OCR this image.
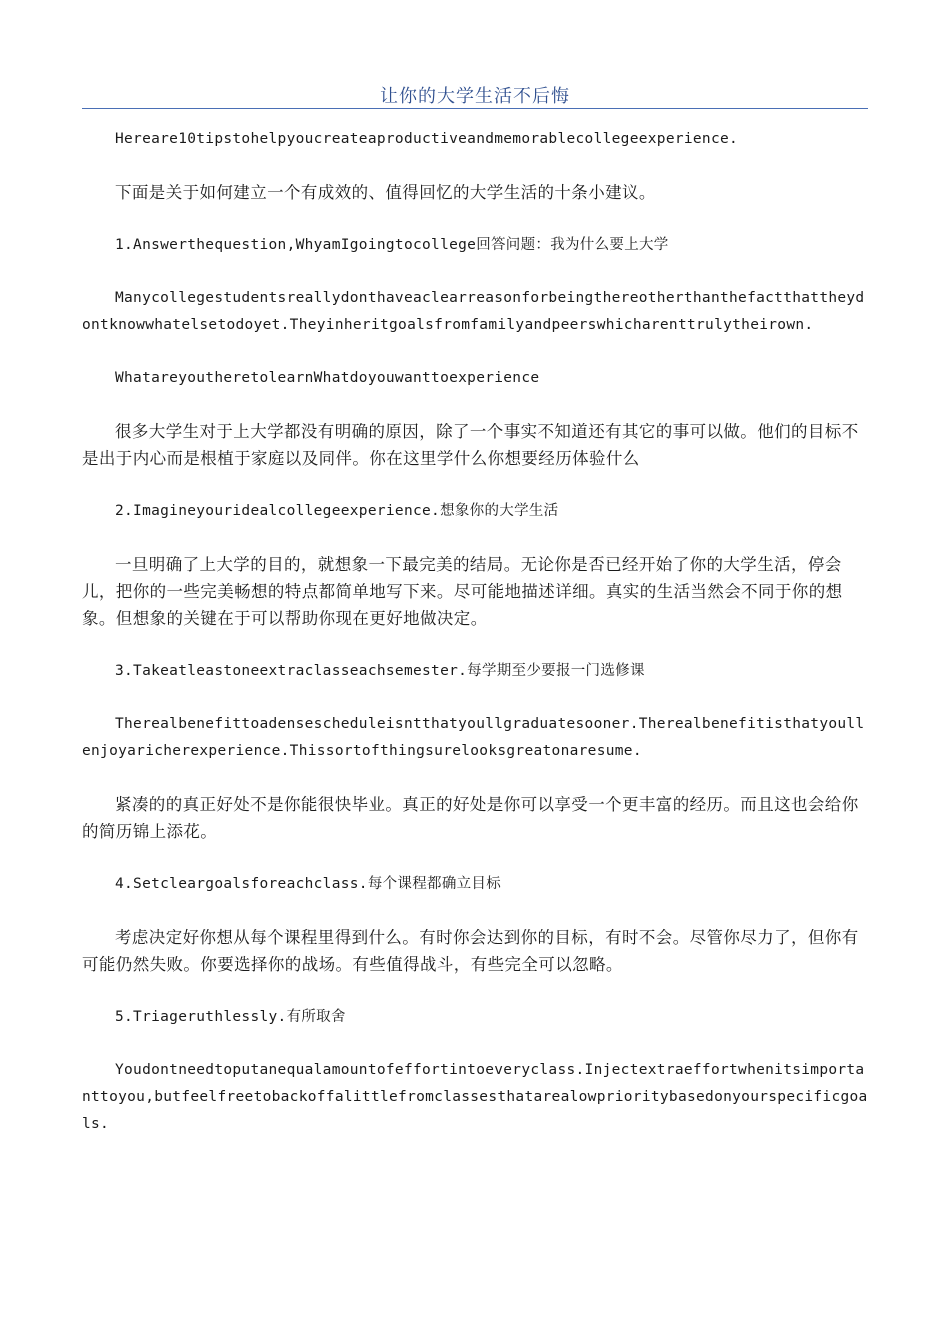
让你的大学生活不后悔

Hereare10tipstohelpyoucreateaproductiveandmemorablecollegeexperience.

下面是关于如何建立一个有成效的、值得回忆的大学生活的十条小建议。

1.Answerthequestion,WhyamIgoingtocollege回答问题：我为什么要上大学

Manycollegestudentsreallydonthaveaclearreasonforbeingthereotherthanthefactthattheydontknowwhatelsetodoyet.Theyinheritgoalsfromfamilyandpeerswhicharenttrulytheirown.

WhatareyoutheretolearnWhatdoyouwanttoexperience

很多大学生对于上大学都没有明确的原因，除了一个事实不知道还有其它的事可以做。他们的目标不是出于内心而是根植于家庭以及同伴。你在这里学什么你想要经历体验什么

2.Imagineyouridealcollegeexperience.想象你的大学生活

一旦明确了上大学的目的，就想象一下最完美的结局。无论你是否已经开始了你的大学生活，停会儿，把你的一些完美畅想的特点都简单地写下来。尽可能地描述详细。真实的生活当然会不同于你的想象。但想象的关键在于可以帮助你现在更好地做决定。

3.Takeatleastoneextraclasseachsemester.每学期至少要报一门选修课

Therealbenefittoadensescheduleisntthatyoullgraduatesooner.Therealbenefitisthatyoullenjoyaricherexperience.Thissortofthingsurelooksgreatonaresume.

紧凑的的真正好处不是你能很快毕业。真正的好处是你可以享受一个更丰富的经历。而且这也会给你的简历锦上添花。

4.Setcleargoalsforeachclass.每个课程都确立目标

考虑决定好你想从每个课程里得到什么。有时你会达到你的目标，有时不会。尽管你尽力了，但你有可能仍然失败。你要选择你的战场。有些值得战斗，有些完全可以忽略。

5.Triageruthlessly.有所取舍

Youdontneedtoputanequalamountofeffortintoeveryclass.Injectextraeffortwhenitsimportanttoyou,butfeelfreetobackoffalittlefromclassesthatarealowprioritybasedonyourspecificgoals.
